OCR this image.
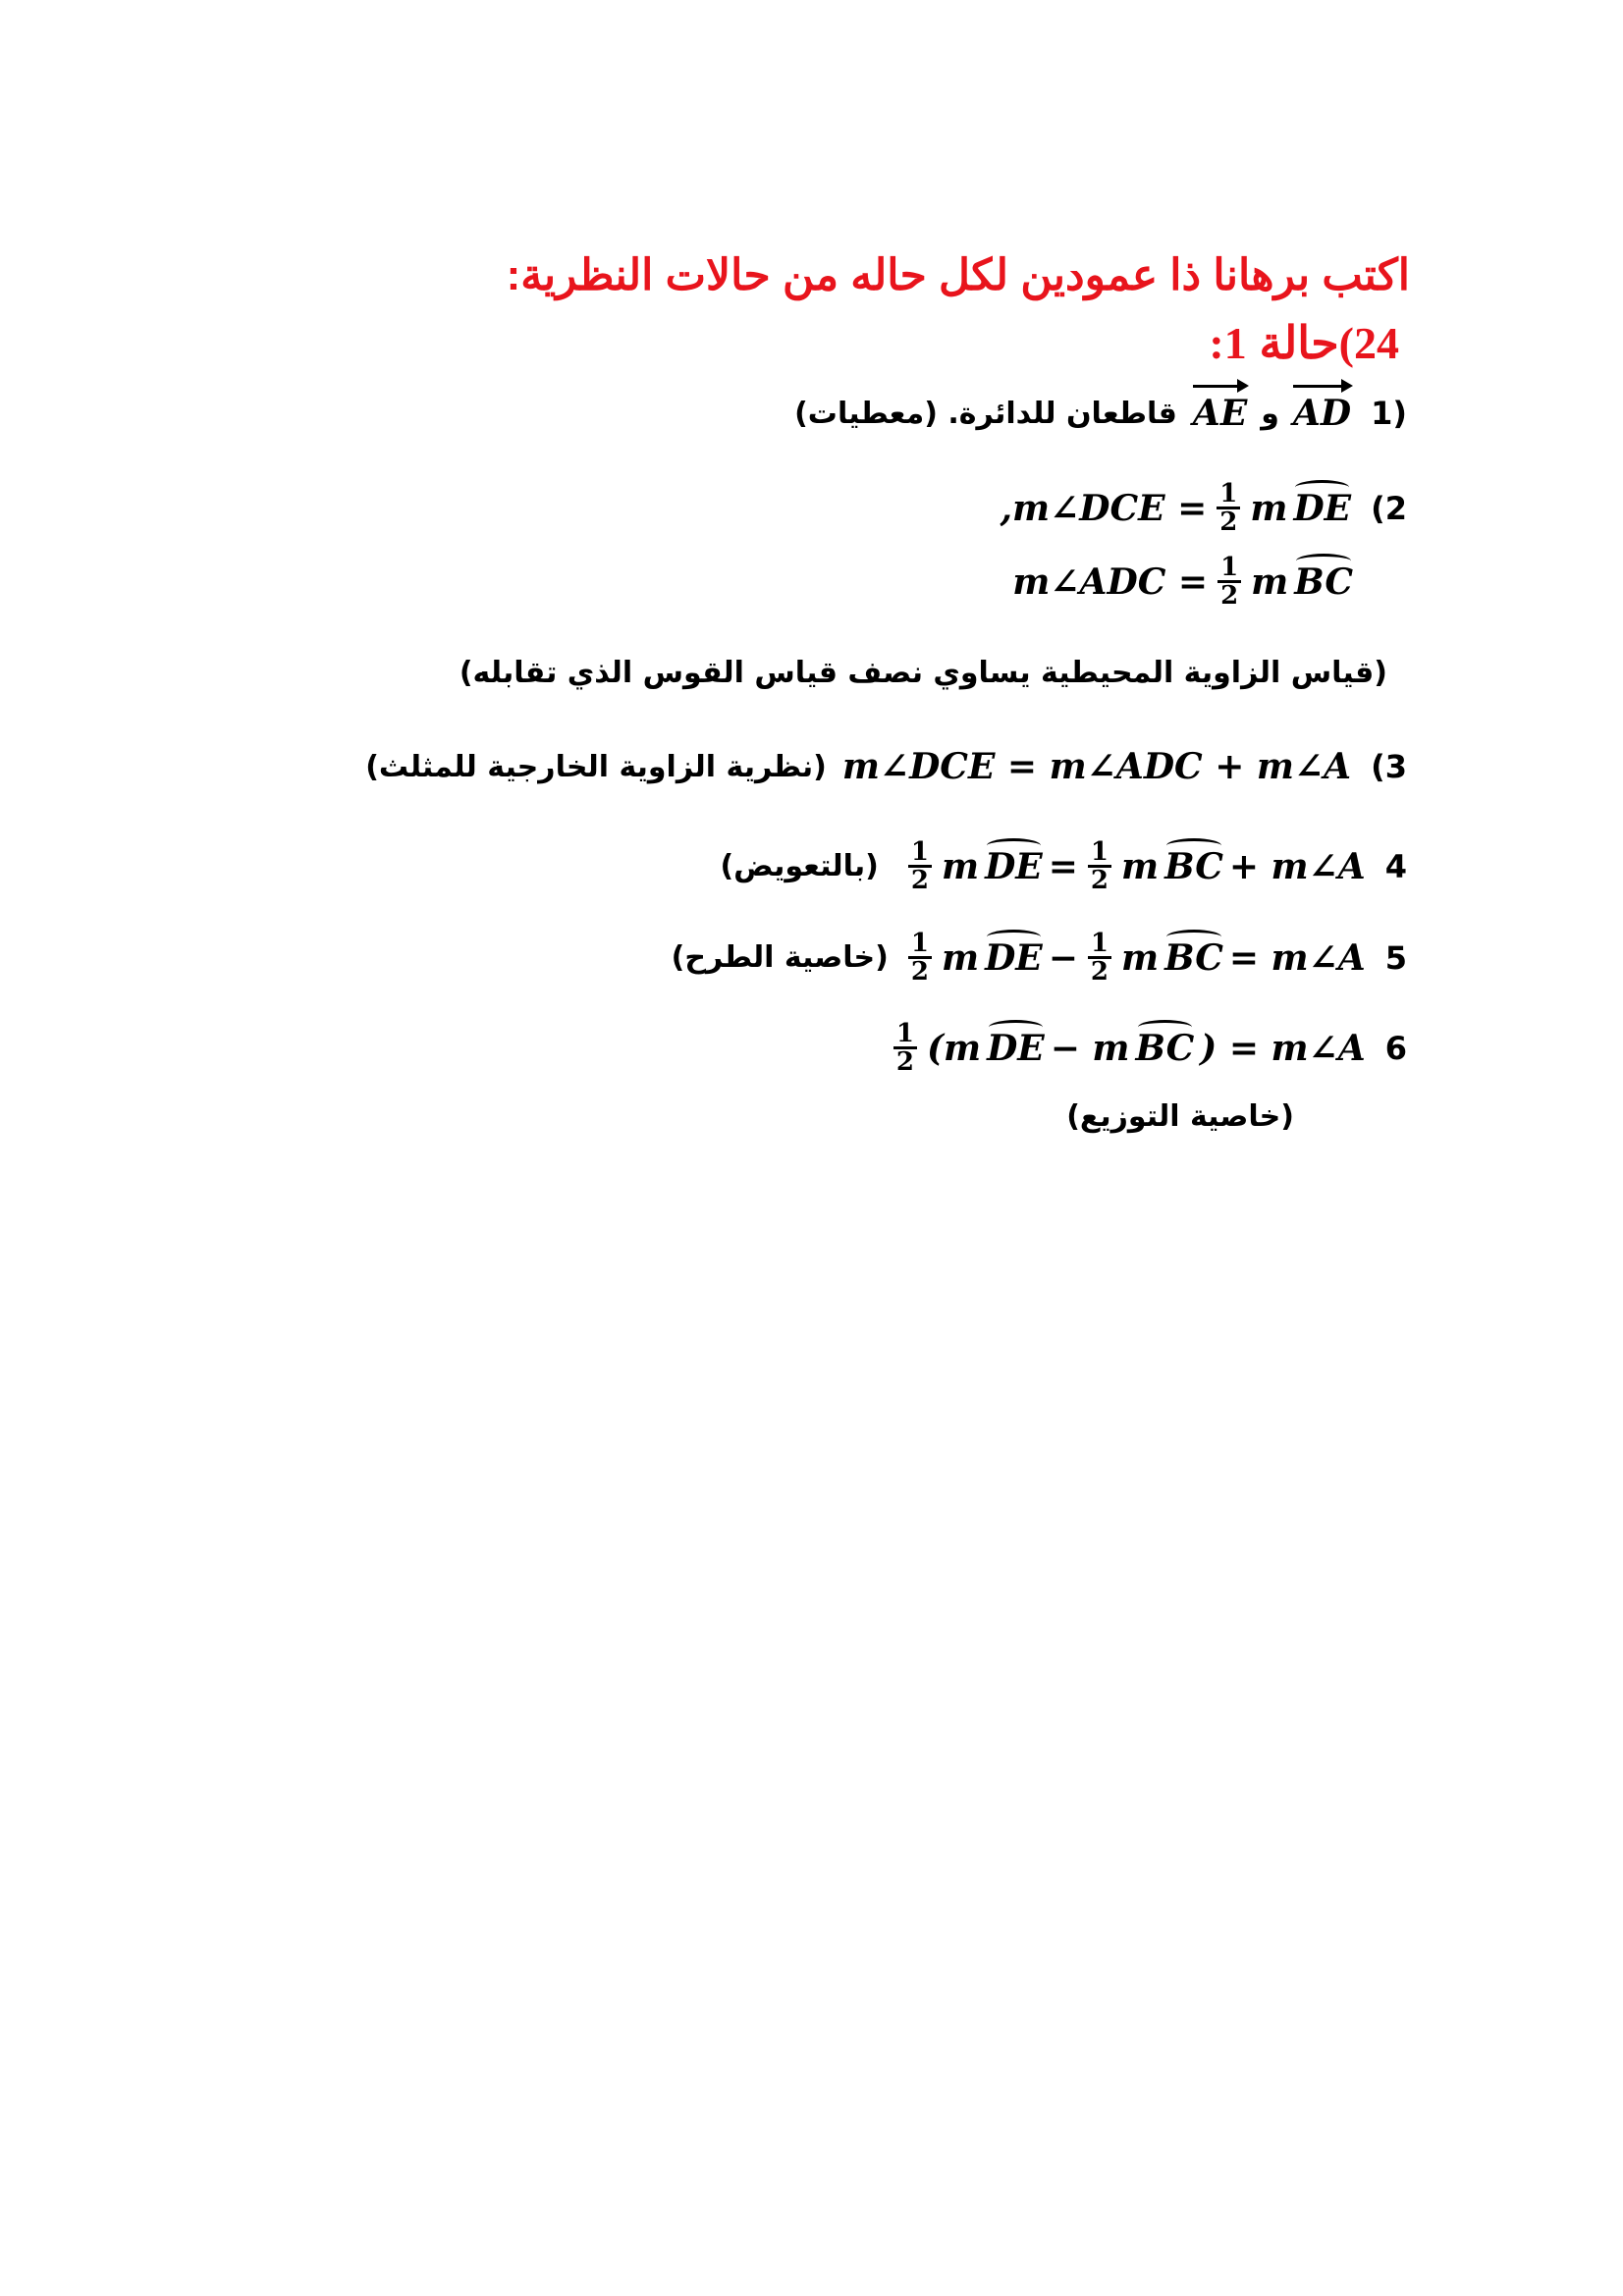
اكتب برهانا ذا عمودين لكل حاله من حالات النظرية:
24)حالة 1:
قاطعان للدائرة. (معطيات) AE و AD 1)
,m∠DCE = $\frac{1}{2}$ m DE (2
m∠ADC = $\frac{1}{2}$ m BC
(قياس الزاوية المحيطية يساوي نصف قياس القوس الذي تقابله)
(نظرية الزاوية الخارجية للمثلث) m∠DCE = m∠ADC + m∠A (3
(بالتعويض) $\frac{1}{2}$ m DE = $\frac{1}{2}$ m BC + m∠A 4
(خاصية الطرح) $\frac{1}{2}$ m DE − $\frac{1}{2}$ m BC = m∠A 5
$\frac{1}{2} (m$ DE − m BC ) = m∠A 6
(خاصية التوزيع)
